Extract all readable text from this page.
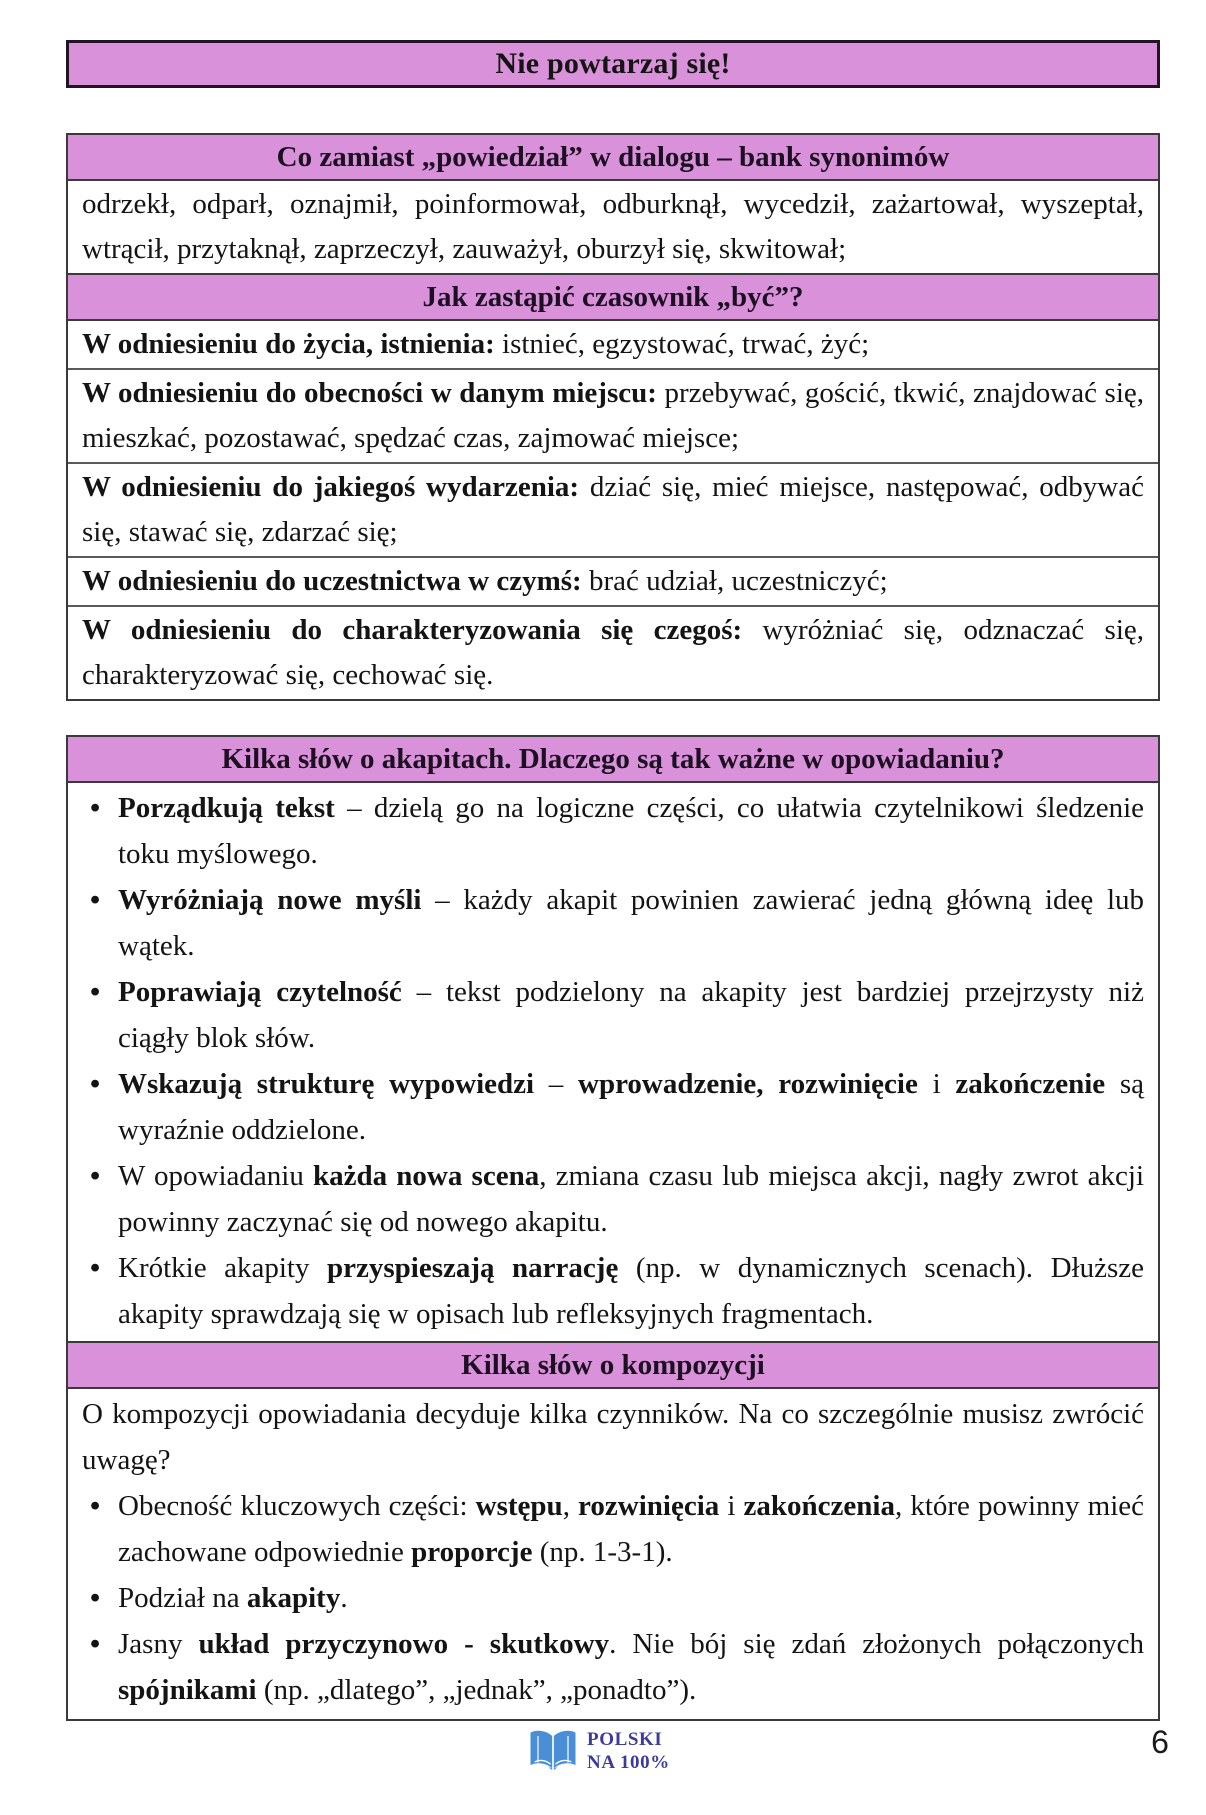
Nie powtarzaj się!
Co zamiast „powiedział” w dialogu – bank synonimów
odrzekł, odparł, oznajmił, poinformował, odburknął, wycedził, zażartował, wyszeptał, wtrącił, przytaknął, zaprzeczył, zauważył, oburzył się, skwitował;
Jak zastąpić czasownik „być”?
W odniesieniu do życia, istnienia: istnieć, egzystować, trwać, żyć;
W odniesieniu do obecności w danym miejscu: przebywać, gościć, tkwić, znajdować się, mieszkać, pozostawać, spędzać czas, zajmować miejsce;
W odniesieniu do jakiegoś wydarzenia: dziać się, mieć miejsce, następować, odbywać się, stawać się, zdarzać się;
W odniesieniu do uczestnictwa w czymś: brać udział, uczestniczyć;
W odniesieniu do charakteryzowania się czegoś: wyróżniać się, odznaczać się, charakteryzować się, cechować się.
Kilka słów o akapitach. Dlaczego są tak ważne w opowiadaniu?
• Porządkują tekst – dzielą go na logiczne części, co ułatwia czytelnikowi śledzenie toku myślowego.
• Wyróżniają nowe myśli – każdy akapit powinien zawierać jedną główną ideę lub wątek.
• Poprawiają czytelność – tekst podzielony na akapity jest bardziej przejrzysty niż ciągły blok słów.
• Wskazują strukturę wypowiedzi – wprowadzenie, rozwinięcie i zakończenie są wyraźnie oddzielone.
• W opowiadaniu każda nowa scena, zmiana czasu lub miejsca akcji, nagły zwrot akcji powinny zaczynać się od nowego akapitu.
• Krótkie akapity przyspieszają narrację (np. w dynamicznych scenach). Dłuższe akapity sprawdzają się w opisach lub refleksyjnych fragmentach.
Kilka słów o kompozycji
O kompozycji opowiadania decyduje kilka czynników. Na co szczególnie musisz zwrócić uwagę?
• Obecność kluczowych części: wstępu, rozwinięcia i zakończenia, które powinny mieć zachowane odpowiednie proporcje (np. 1-3-1).
• Podział na akapity.
• Jasny układ przyczynowo - skutkowy. Nie bój się zdań złożonych połączonych spójnikami (np. „dlatego”, „jednak”, „ponadto”).
POLSKI
NA 100%
6
